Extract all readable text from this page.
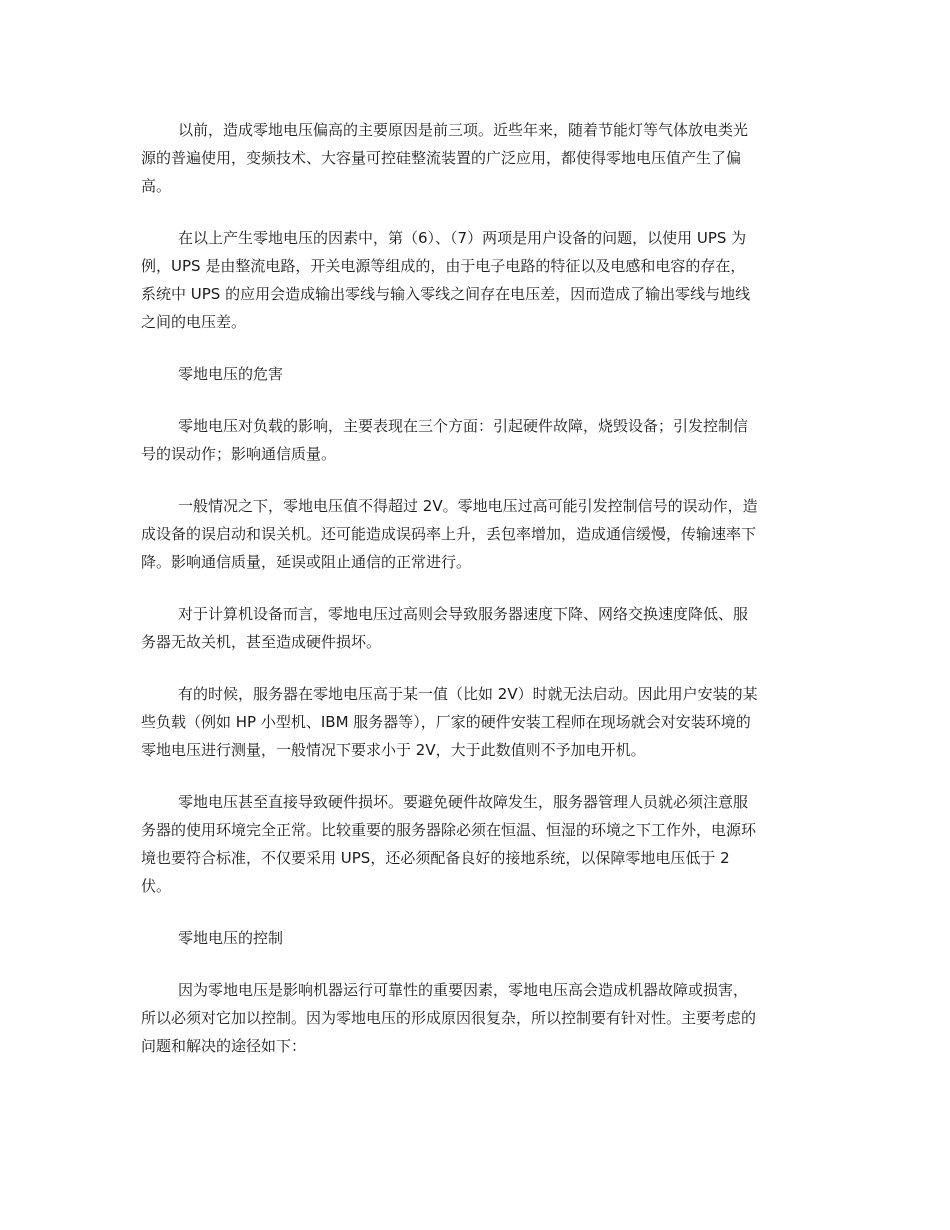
以前，造成零地电压偏高的主要原因是前三项。近些年来，随着节能灯等气体放电类光
源的普遍使用，变频技术、大容量可控硅整流装置的广泛应用，都使得零地电压值产生了偏
高。
在以上产生零地电压的因素中，第（6）、（7）两项是用户设备的问题，以使用 UPS 为
例，UPS 是由整流电路，开关电源等组成的，由于电子电路的特征以及电感和电容的存在，
系统中 UPS 的应用会造成输出零线与输入零线之间存在电压差，因而造成了输出零线与地线
之间的电压差。
零地电压的危害
零地电压对负载的影响，主要表现在三个方面：引起硬件故障，烧毁设备；引发控制信
号的误动作；影响通信质量。
一般情况之下，零地电压值不得超过 2V。零地电压过高可能引发控制信号的误动作，造
成设备的误启动和误关机。还可能造成误码率上升，丢包率增加，造成通信缓慢，传输速率下
降。影响通信质量，延误或阻止通信的正常进行。
对于计算机设备而言，零地电压过高则会导致服务器速度下降、网络交换速度降低、服
务器无故关机，甚至造成硬件损坏。
有的时候，服务器在零地电压高于某一值（比如 2V）时就无法启动。因此用户安装的某
些负载（例如 HP 小型机、IBM 服务器等），厂家的硬件安装工程师在现场就会对安装环境的
零地电压进行测量，一般情况下要求小于 2V，大于此数值则不予加电开机。
零地电压甚至直接导致硬件损坏。要避免硬件故障发生，服务器管理人员就必须注意服
务器的使用环境完全正常。比较重要的服务器除必须在恒温、恒湿的环境之下工作外，电源环
境也要符合标准，不仅要采用 UPS，还必须配备良好的接地系统，以保障零地电压低于 2
伏。
零地电压的控制
因为零地电压是影响机器运行可靠性的重要因素，零地电压高会造成机器故障或损害，
所以必须对它加以控制。因为零地电压的形成原因很复杂，所以控制要有针对性。主要考虑的
问题和解决的途径如下：
